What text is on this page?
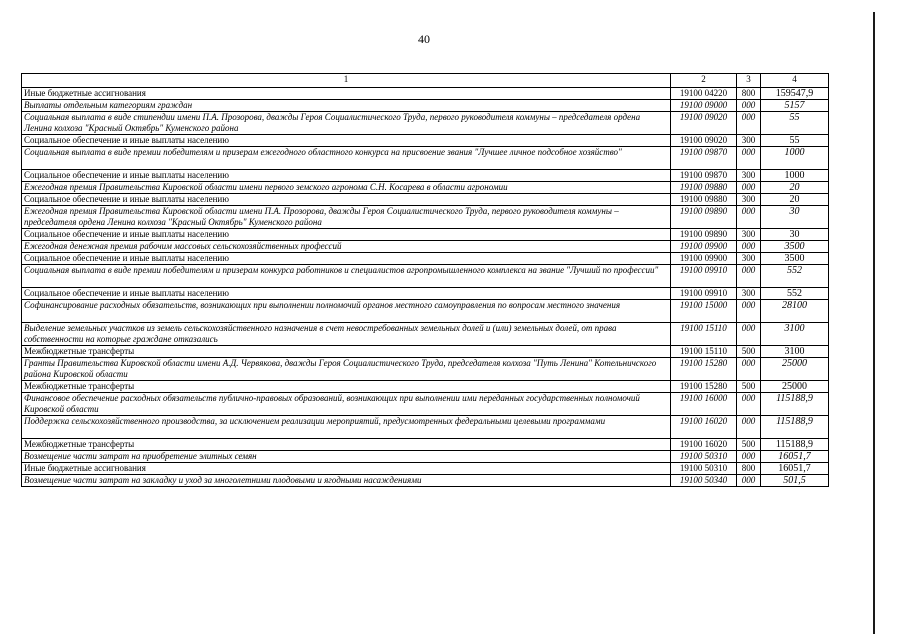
40
1	2	3	4
Иные бюджетные ассигнования	19100 04220	800	159547,9
Выплаты отдельным категориям граждан	19100 09000	000	5157
Социальная выплата в виде стипендии имени П.А. Прозорова, дважды Героя Социалистического Труда, первого руководителя коммуны – председателя ордена Ленина колхоза "Красный Октябрь" Куменского района	19100 09020	000	55
Социальное обеспечение и иные выплаты населению	19100 09020	300	55
Социальная выплата в виде премии победителям и призерам ежегодного областного конкурса на присвоение звания "Лучшее личное подсобное хозяйство"	19100 09870	000	1000
Социальное обеспечение и иные выплаты населению	19100 09870	300	1000
Ежегодная премия Правительства Кировской области имени первого земского агронома С.Н. Косарева в области агрономии	19100 09880	000	20
Социальное обеспечение и иные выплаты населению	19100 09880	300	20
Ежегодная премия Правительства Кировской области имени П.А. Прозорова, дважды Героя Социалистического Труда, первого руководителя коммуны – председателя ордена Ленина колхоза "Красный Октябрь" Куменского района	19100 09890	000	30
Социальное обеспечение и иные выплаты населению	19100 09890	300	30
Ежегодная денежная премия рабочим массовых сельскохозяйственных профессий	19100 09900	000	3500
Социальное обеспечение и иные выплаты населению	19100 09900	300	3500
Социальная выплата в виде премии победителям и призерам конкурса работников и специалистов агропромышленного комплекса на звание "Лучший по профессии"	19100 09910	000	552
Социальное обеспечение и иные выплаты населению	19100 09910	300	552
Софинансирование расходных обязательств, возникающих при выполнении полномочий органов местного самоуправления по вопросам местного значения	19100 15000	000	28100
Выделение земельных участков из земель сельскохозяйственного назначения в счет невостребованных земельных долей и (или) земельных долей, от права собственности на которые граждане отказались	19100 15110	000	3100
Межбюджетные трансферты	19100 15110	500	3100
Гранты Правительства Кировской области имени А.Д. Червякова, дважды Героя Социалистического Труда, председателя колхоза "Путь Ленина" Котельничского района Кировской области	19100 15280	000	25000
Межбюджетные трансферты	19100 15280	500	25000
Финансовое обеспечение расходных обязательств публично-правовых образований, возникающих при выполнении ими переданных государственных полномочий Кировской области	19100 16000	000	115188,9
Поддержка сельскохозяйственного производства, за исключением реализации мероприятий, предусмотренных федеральными целевыми программами	19100 16020	000	115188,9
Межбюджетные трансферты	19100 16020	500	115188,9
Возмещение части затрат на приобретение элитных семян	19100 50310	000	16051,7
Иные бюджетные ассигнования	19100 50310	800	16051,7
Возмещение части затрат на закладку и уход за многолетними плодовыми и ягодными насаждениями	19100 50340	000	501,5
